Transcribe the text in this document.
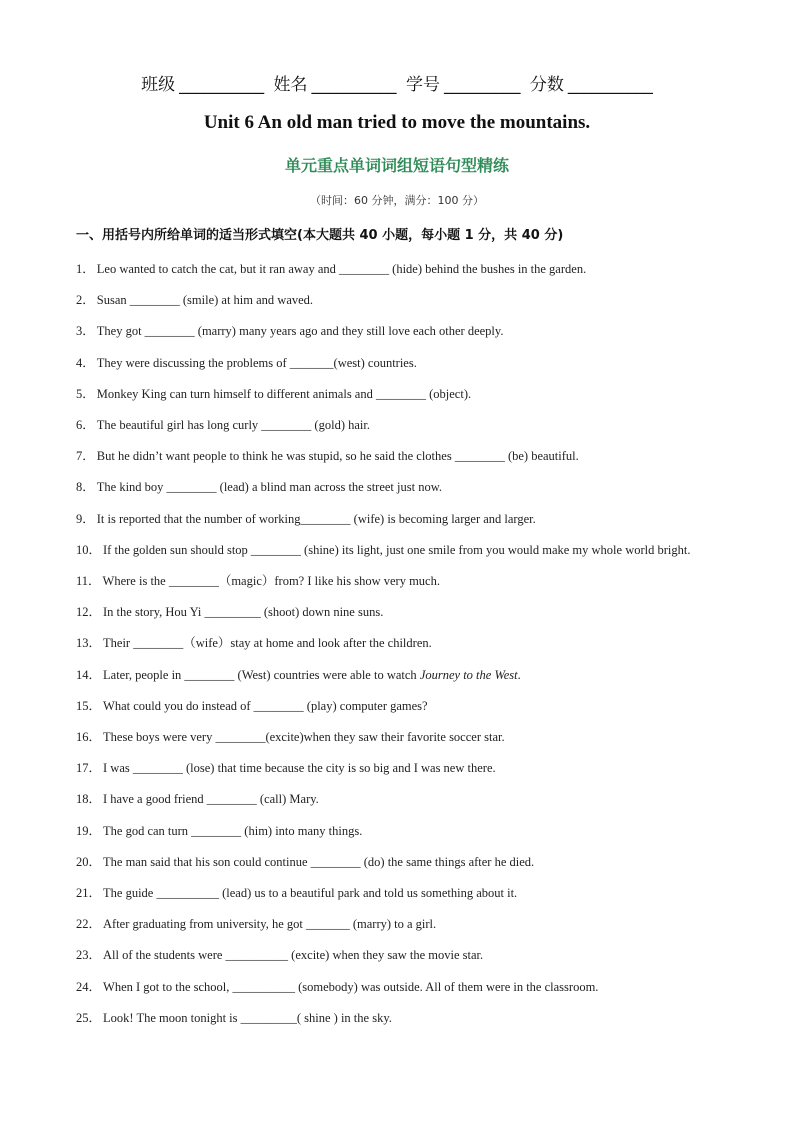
班级 __________ 姓名 __________ 学号 _________ 分数 __________
Unit 6 An old man tried to move the mountains.
单元重点单词词组短语句型精练
（时间：60 分钟，满分：100 分）
一、用括号内所给单词的适当形式填空(本大题共 40 小题，每小题 1 分，共 40 分)
1． Leo wanted to catch the cat, but it ran away and ________ (hide) behind the bushes in the garden.
2． Susan ________ (smile) at him and waved.
3． They got ________ (marry) many years ago and they still love each other deeply.
4． They were discussing the problems of _______(west) countries.
5． Monkey King can turn himself to different animals and ________ (object).
6． The beautiful girl has long curly ________ (gold) hair.
7． But he didn’t want people to think he was stupid, so he said the clothes ________ (be) beautiful.
8． The kind boy ________ (lead) a blind man across the street just now.
9． It is reported that the number of working________ (wife) is becoming larger and larger.
10． If the golden sun should stop ________ (shine) its light, just one smile from you would make my whole world bright.
11． Where is the ________（magic）from? I like his show very much.
12． In the story, Hou Yi _________ (shoot) down nine suns.
13． Their ________（wife）stay at home and look after the children.
14． Later, people in ________ (West) countries were able to watch Journey to the West.
15． What could you do instead of ________ (play) computer games?
16． These boys were very ________(excite)when they saw their favorite soccer star.
17． I was ________ (lose) that time because the city is so big and I was new there.
18． I have a good friend ________ (call) Mary.
19． The god can turn ________ (him) into many things.
20． The man said that his son could continue ________ (do) the same things after he died.
21． The guide __________ (lead) us to a beautiful park and told us something about it.
22． After graduating from university, he got _______ (marry) to a girl.
23． All of the students were __________ (excite) when they saw the movie star.
24． When I got to the school, __________ (somebody) was outside. All of them were in the classroom.
25． Look! The moon tonight is _________( shine ) in the sky.
